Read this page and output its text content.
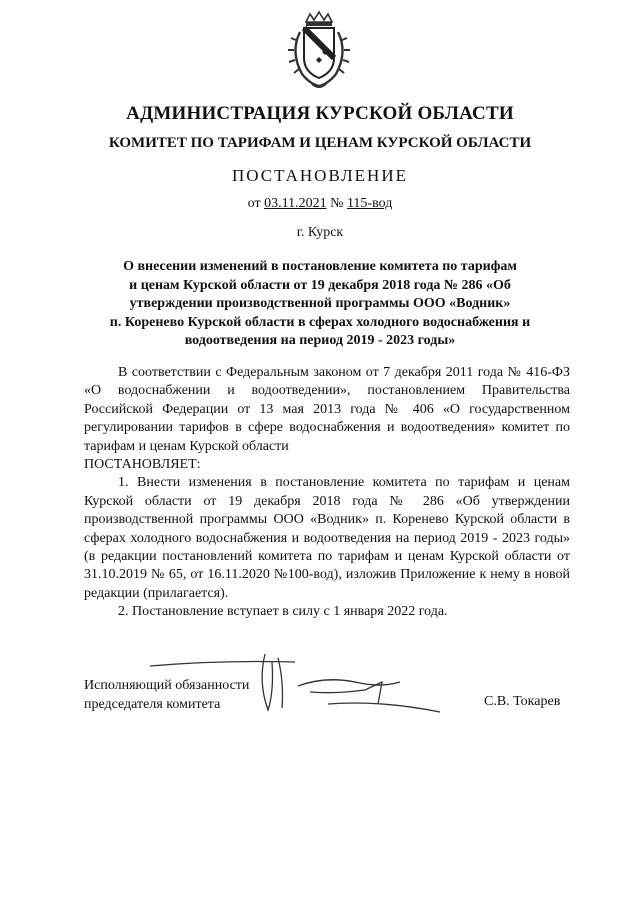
АДМИНИСТРАЦИЯ КУРСКОЙ ОБЛАСТИ
КОМИТЕТ ПО ТАРИФАМ И ЦЕНАМ КУРСКОЙ ОБЛАСТИ
ПОСТАНОВЛЕНИЕ
от 03.11.2021 № 115-вод
г. Курск
О внесении изменений в постановление комитета по тарифам
и ценам Курской области от 19 декабря 2018 года № 286 «Об
утверждении производственной программы ООО «Водник»
п. Коренево Курской области в сферах холодного водоснабжения и
водоотведения на период 2019 - 2023 годы»

В соответствии с Федеральным законом от 7 декабря 2011 года № 416-ФЗ «О водоснабжении и водоотведении», постановлением Правительства Российской Федерации от 13 мая 2013 года № 406 «О государственном регулировании тарифов в сфере водоснабжения и водоотведения» комитет по тарифам и ценам Курской области

ПОСТАНОВЛЯЕТ:

1. Внести изменения в постановление комитета по тарифам и ценам Курской области от 19 декабря 2018 года № 286 «Об утверждении производственной программы ООО «Водник» п. Коренево Курской области в сферах холодного водоснабжения и водоотведения на период 2019 - 2023 годы» (в редакции постановлений комитета по тарифам и ценам Курской области от 31.10.2019 № 65, от 16.11.2020 №100-вод), изложив Приложение к нему в новой редакции (прилагается).

2. Постановление вступает в силу с 1 января 2022 года.

Исполняющий обязанности
председателя комитета	С.В. Токарев
